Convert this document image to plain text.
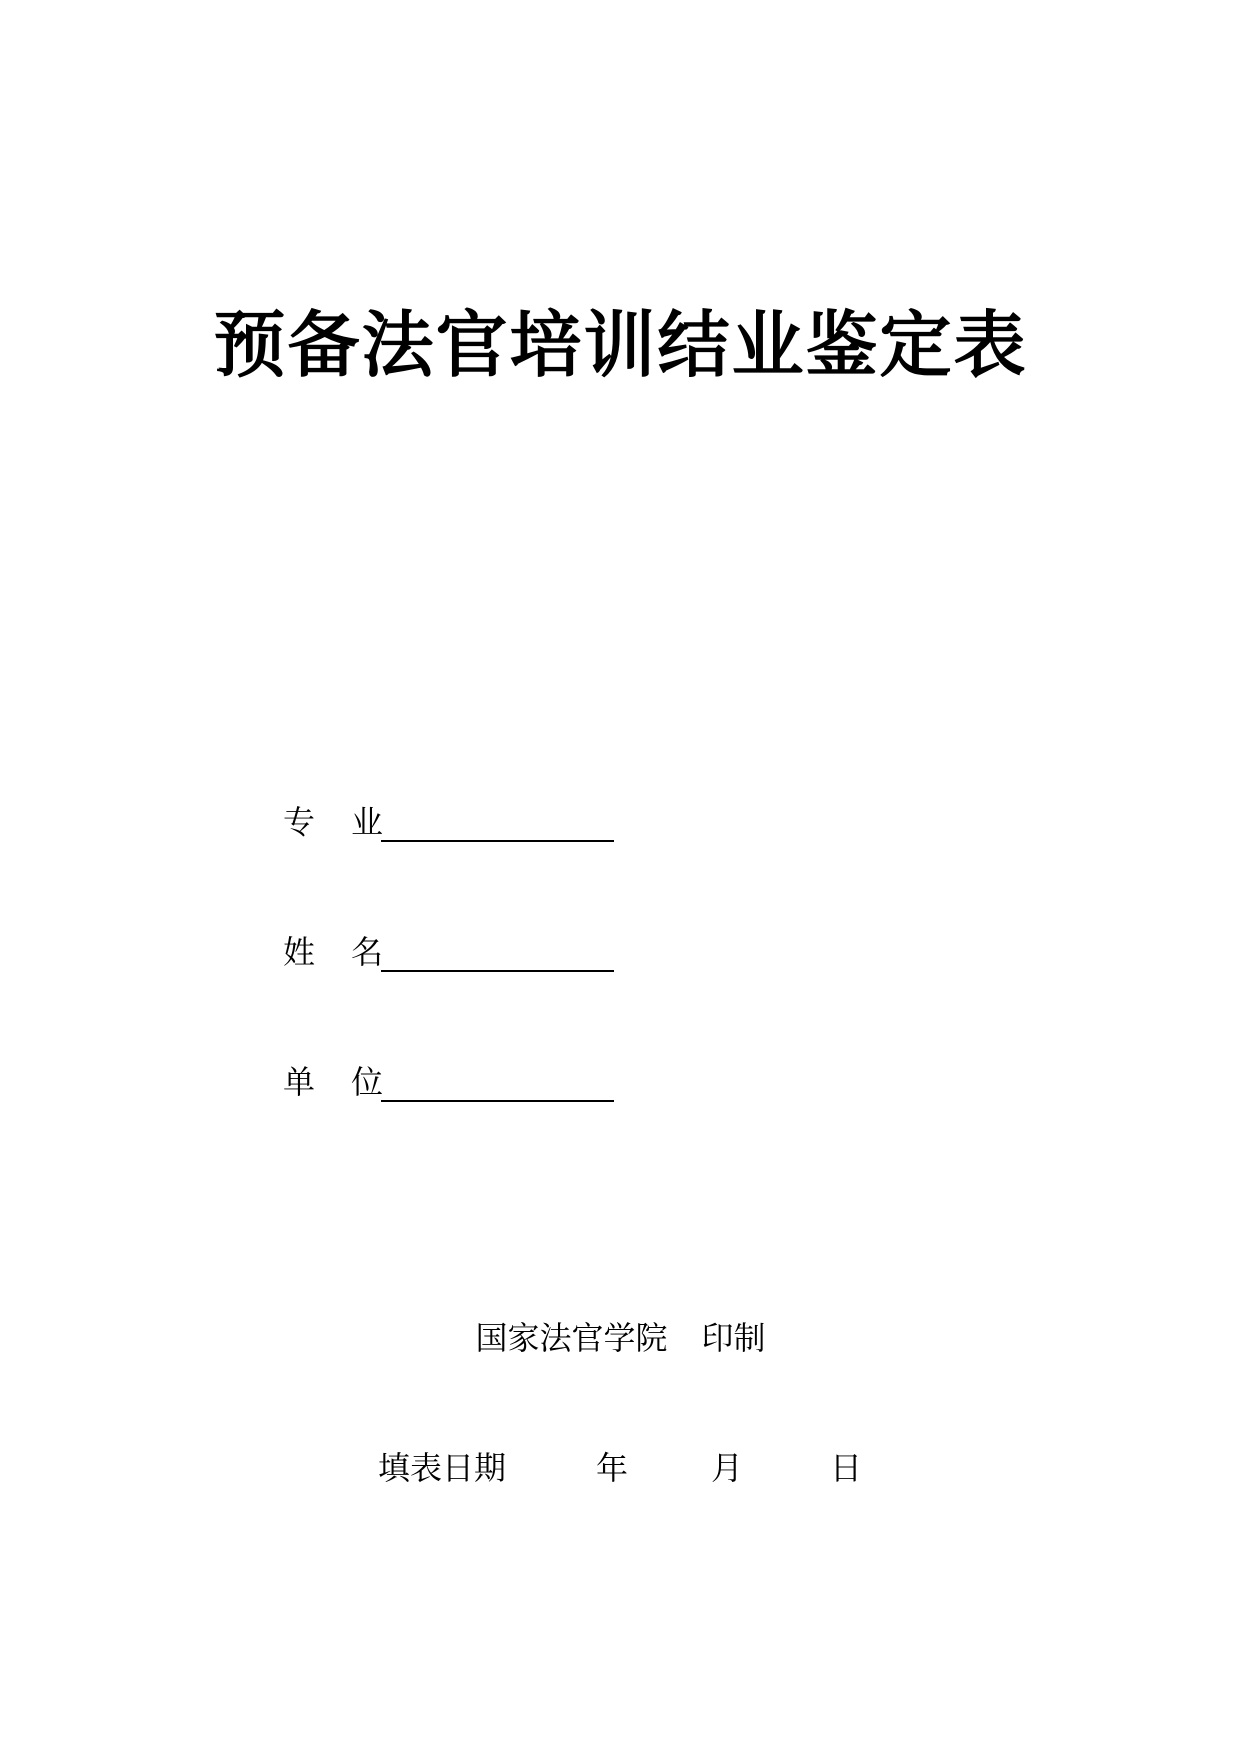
预备法官培训结业鉴定表
专	业
姓	名
单	位
国家法官学院 印制
填表日期	年	月	日
